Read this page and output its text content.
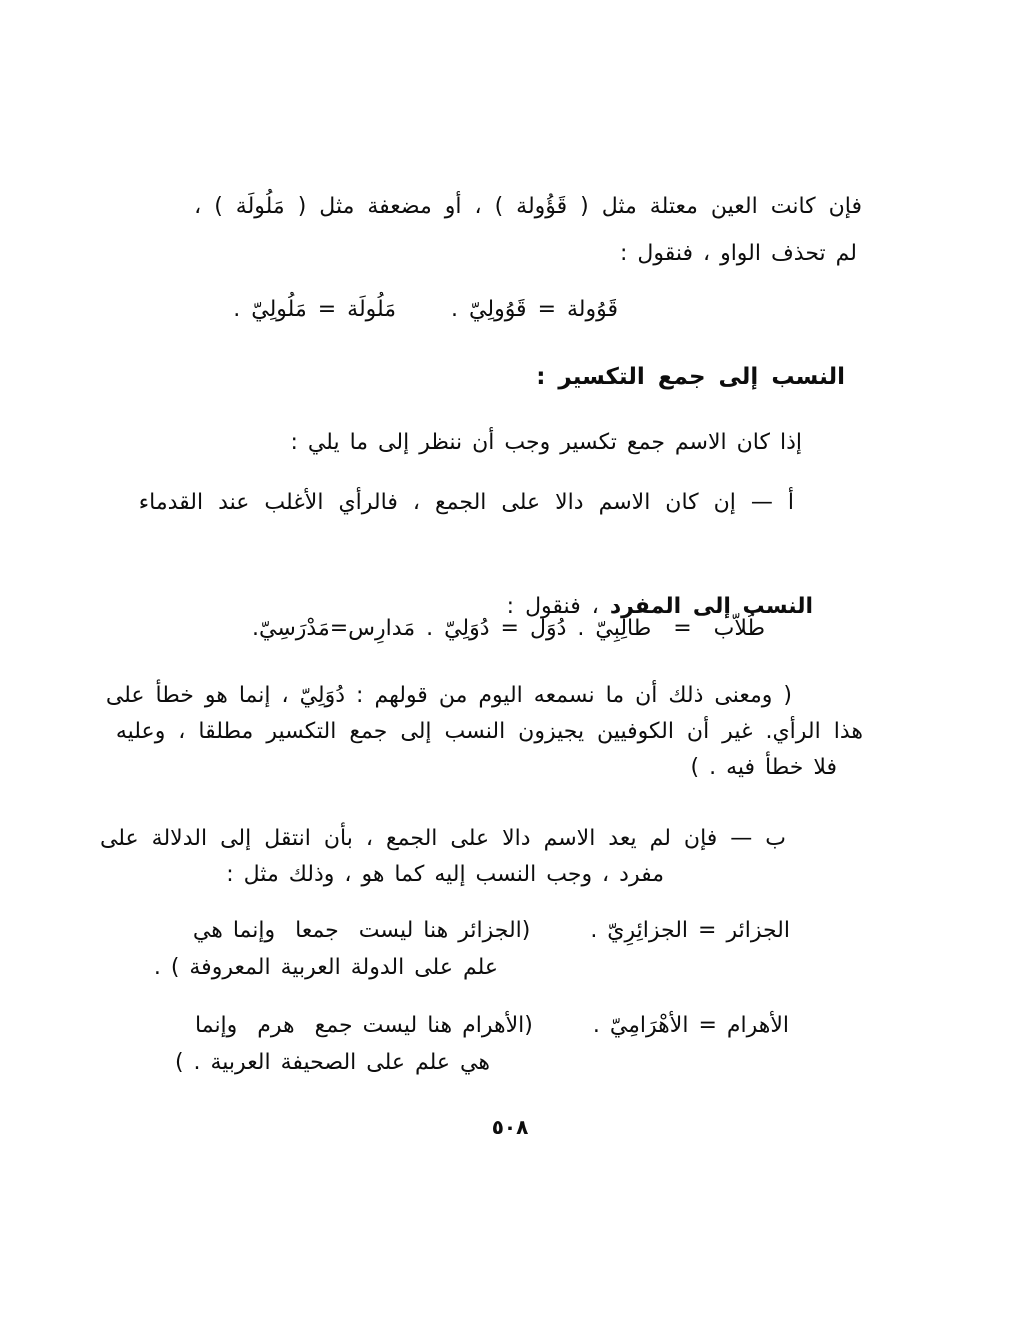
فإن كانت العين معتلة مثل ( قَؤُولة ) ، أو مضعفة مثل ( مَلُولَة ) ،
لم تحذف الواو ، فنقول :
قَوُولة = قَوُولِيّ .     مَلُولَة = مَلُولِيّ .
النسب إلى جمع التكسير :
إذا كان الاسم جمع تكسير وجب أن ننظر إلى ما يلي :
أ — إن كان الاسم دالا على الجمع ، فالرأي الأغلب عند القدماء

النسب إلى المفرد ، فنقول :

طُلاّب  =  طالِبِيّ . دُوَل = دُوَلِيّ . مَدارِس=مَدْرَسِيّ.
( ومعنى ذلك أن ما نسمعه اليوم من قولهم : دُوَلِيّ ، إنما هو خطأ على
هذا الرأي. غير أن الكوفيين يجيزون النسب إلى جمع التكسير مطلقا ، وعليه
فلا خطأ فيه . )
ب — فإن لم يعد الاسم دالا على الجمع ، بأن انتقل إلى الدلالة على
مفرد ، وجب النسب إليه كما هو ، وذلك مثل :
الجزائر = الجزائِرِيّ .      (الجزائر هنا ليست  جمعا  وإنما هي
علم على الدولة العربية المعروفة ) .
الأهرام = الأهْرَامِيّ .      (الأهرام هنا ليست جمع  هرم  وإنما
هي علم على الصحيفة العربية . )
٥٠٨
